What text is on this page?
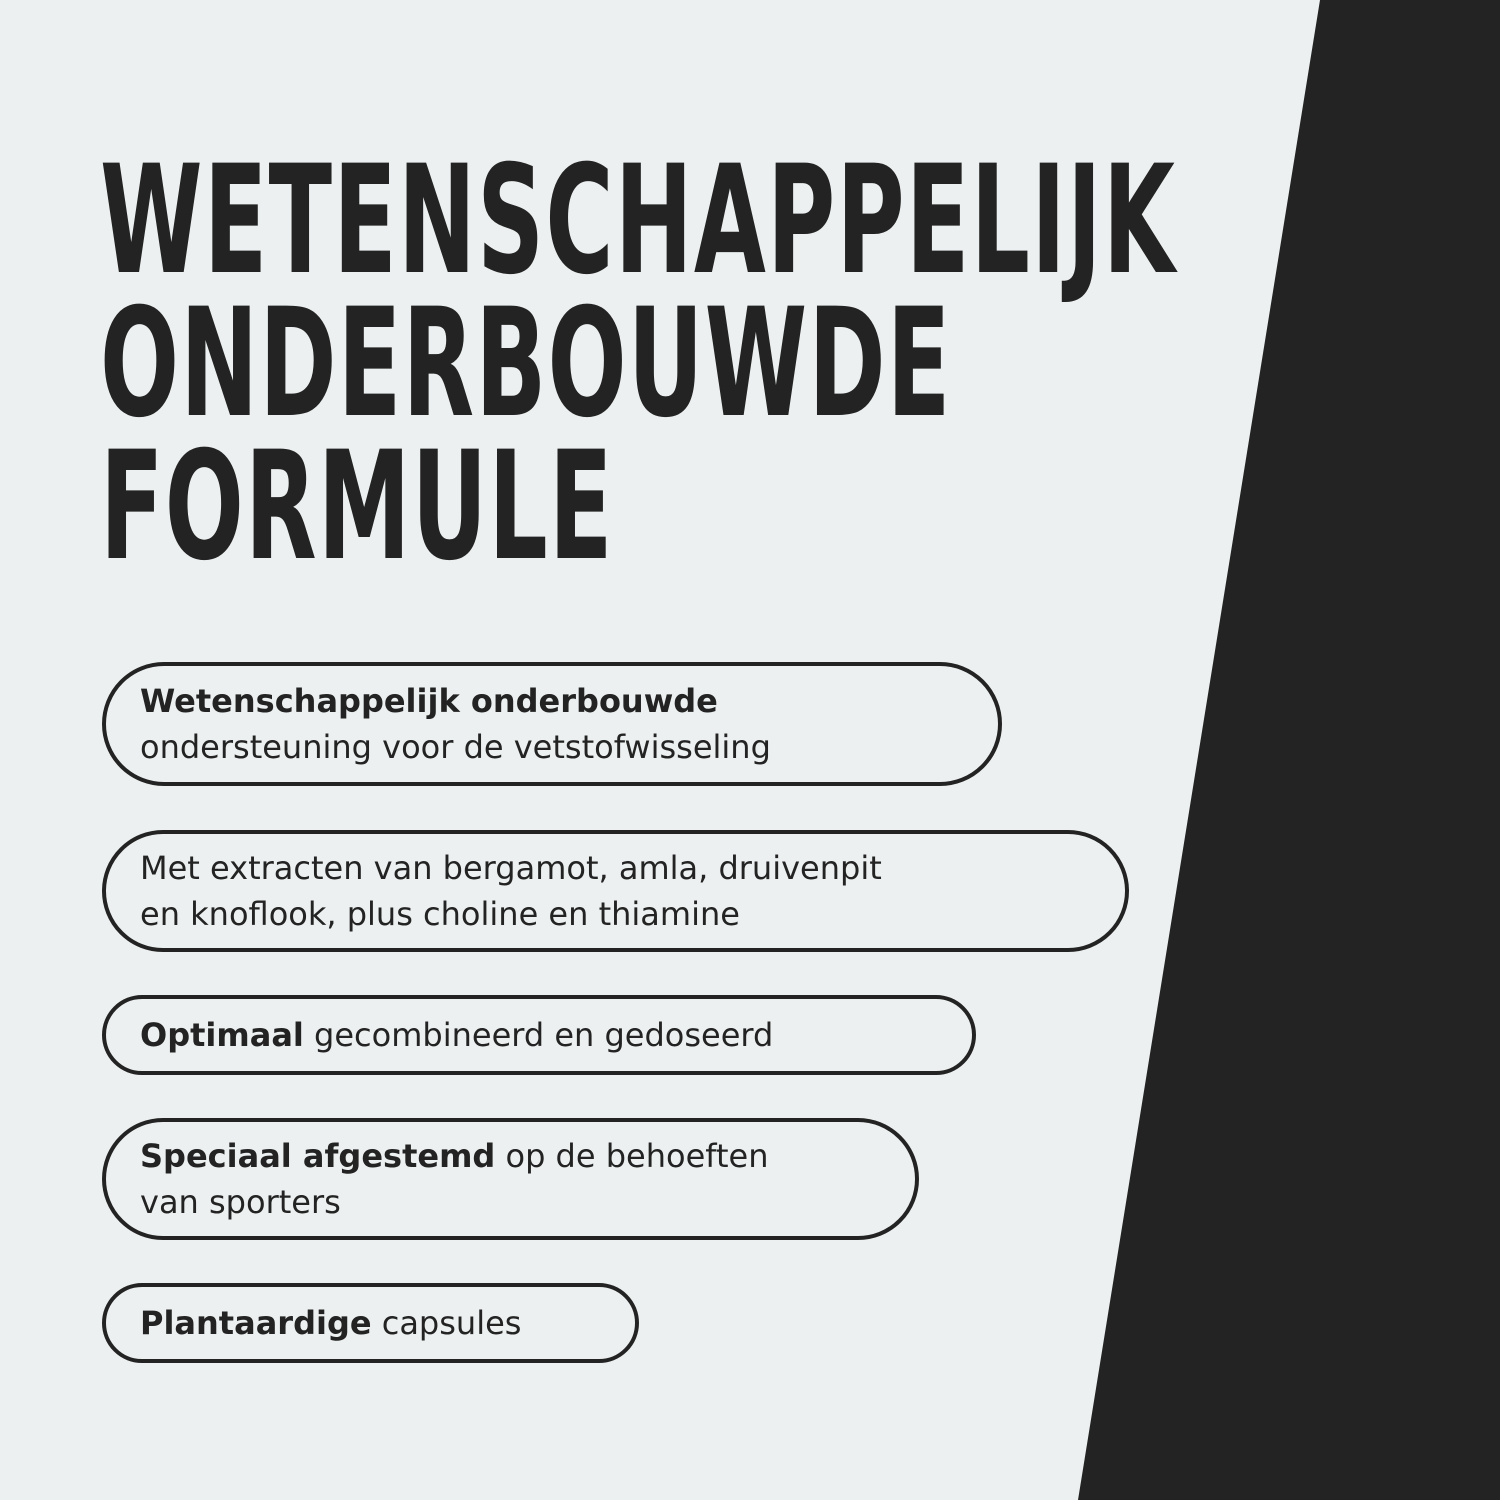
WETENSCHAPPELIJK
ONDERBOUWDE
FORMULE
Wetenschappelijk onderbouwde
ondersteuning voor de vetstofwisseling
Met extracten van bergamot, amla, druivenpit
en knoflook, plus choline en thiamine
Optimaal gecombineerd en gedoseerd
Speciaal afgestemd op de behoeften
van sporters
Plantaardige capsules
